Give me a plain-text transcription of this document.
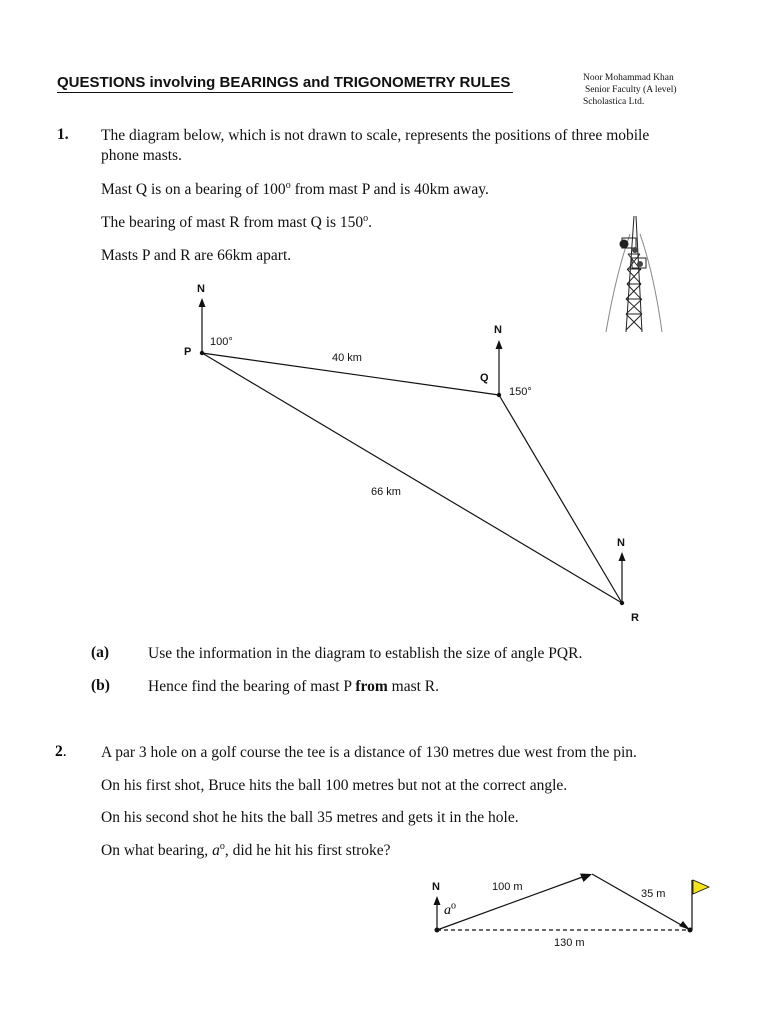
QUESTIONS involving BEARINGS and TRIGONOMETRY RULES	Noor Mohammad Khan
Senior Faculty (A level)
Scholastica Ltd.
1. The diagram below, which is not drawn to scale, represents the positions of three mobile phone masts.
Mast Q is on a bearing of 100$^o$ from mast P and is 40km away.
The bearing of mast R from mast Q is 150$^o$.
Masts P and R are 66km apart.
N
N
N
P
Q
R
100°
150°
40 km
66 km
(a)	Use the information in the diagram to establish the size of angle PQR.
(b) Hence find the bearing of mast P from mast R.
2. A par 3 hole on a golf course the tee is a distance of 130 metres due west from the pin.
On his first shot, Bruce hits the ball 100 metres but not at the correct angle.
On his second shot he hits the ball 35 metres and gets it in the hole.
On what bearing, $a^o$, did he hit his first stroke?
N
$a^o$
100 m
35 m
130 m
